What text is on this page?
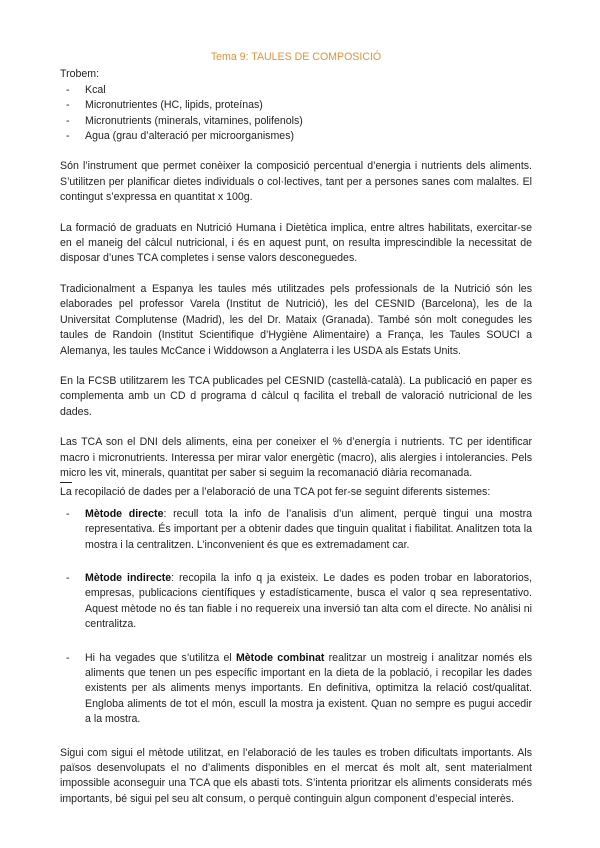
Tema 9: TAULES DE COMPOSICIÓ
Trobem:
- Kcal
- Micronutrientes (HC, lipids, proteínas)
- Micronutrients (minerals, vitamines, polifenols)
- Agua (grau d’alteració per microorganismes)

Són l’instrument que permet conèixer la composició percentual d’energia i nutrients dels aliments. S’utilitzen per planificar dietes individuals o col·lectives, tant per a persones sanes com malaltes. El contingut s’expressa en quantitat x 100g.

La formació de graduats en Nutrició Humana i Dietètica implica, entre altres habilitats, exercitar-se en el maneig del càlcul nutricional, i és en aquest punt, on resulta imprescindible la necessitat de disposar d’unes TCA completes i sense valors desconeguedes.

Tradicionalment a Espanya les taules més utilitzades pels professionals de la Nutrició són les elaborades pel professor Varela (Institut de Nutrició), les del CESNID (Barcelona), les de la Universitat Complutense (Madrid), les del Dr. Mataix (Granada). També són molt conegudes les taules de Randoin (Institut Scientifique d’Hygiène Alimentaire) a França, les Taules SOUCI a Alemanya, les taules McCance i Widdowson a Anglaterra i les USDA als Estats Units.

En la FCSB utilitzarem les TCA publicades pel CESNID (castellà-català). La publicació en paper es complementa amb un CD d programa d càlcul q facilita el treball de valoració nutricional de les dades.

Las TCA son el DNI dels aliments, eina per coneixer el % d’energía i nutrients. TC per identificar macro i micronutrients. Interessa per mirar valor energètic (macro), alis alergies i intolerancies. Pels micro les vit, minerals, quantitat per saber si seguim la recomanació diària recomanada.

La recopilació de dades per a l’elaboració de una TCA pot fer-se seguint diferents sistemes:
- Mètode directe: recull tota la info de l’analisis d’un aliment, perquè tingui una mostra representativa. És important per a obtenir dades que tinguin qualitat i fiabilitat. Analitzen tota la mostra i la centralitzen. L’inconvenient és que es extremadament car.
- Mètode indirecte: recopila la info q ja existeix. Le dades es poden trobar en laboratorios, empresas, publicacions científiques y estadísticamente, busca el valor q sea representativo. Aquest mètode no és tan fiable i no requereix una inversió tan alta com el directe. No anàlisi ni centralitza.
- Hi ha vegades que s’utilitza el Mètode combinat realitzar un mostreig i analitzar només els aliments que tenen un pes específic important en la dieta de la població, i recopilar les dades existents per als aliments menys importants. En definitiva, optimitza la relació cost/qualitat. Engloba aliments de tot el món, escull la mostra ja existent. Quan no sempre es pugui accedir a la mostra.

Sigui com sigui el mètode utilitzat, en l’elaboració de les taules es troben dificultats importants. Als països desenvolupats el no d’aliments disponibles en el mercat és molt alt, sent materialment impossible aconseguir una TCA que els abasti tots. S’intenta prioritzar els aliments considerats més importants, bé sigui pel seu alt consum, o perquè continguin algun component d’especial interès.
